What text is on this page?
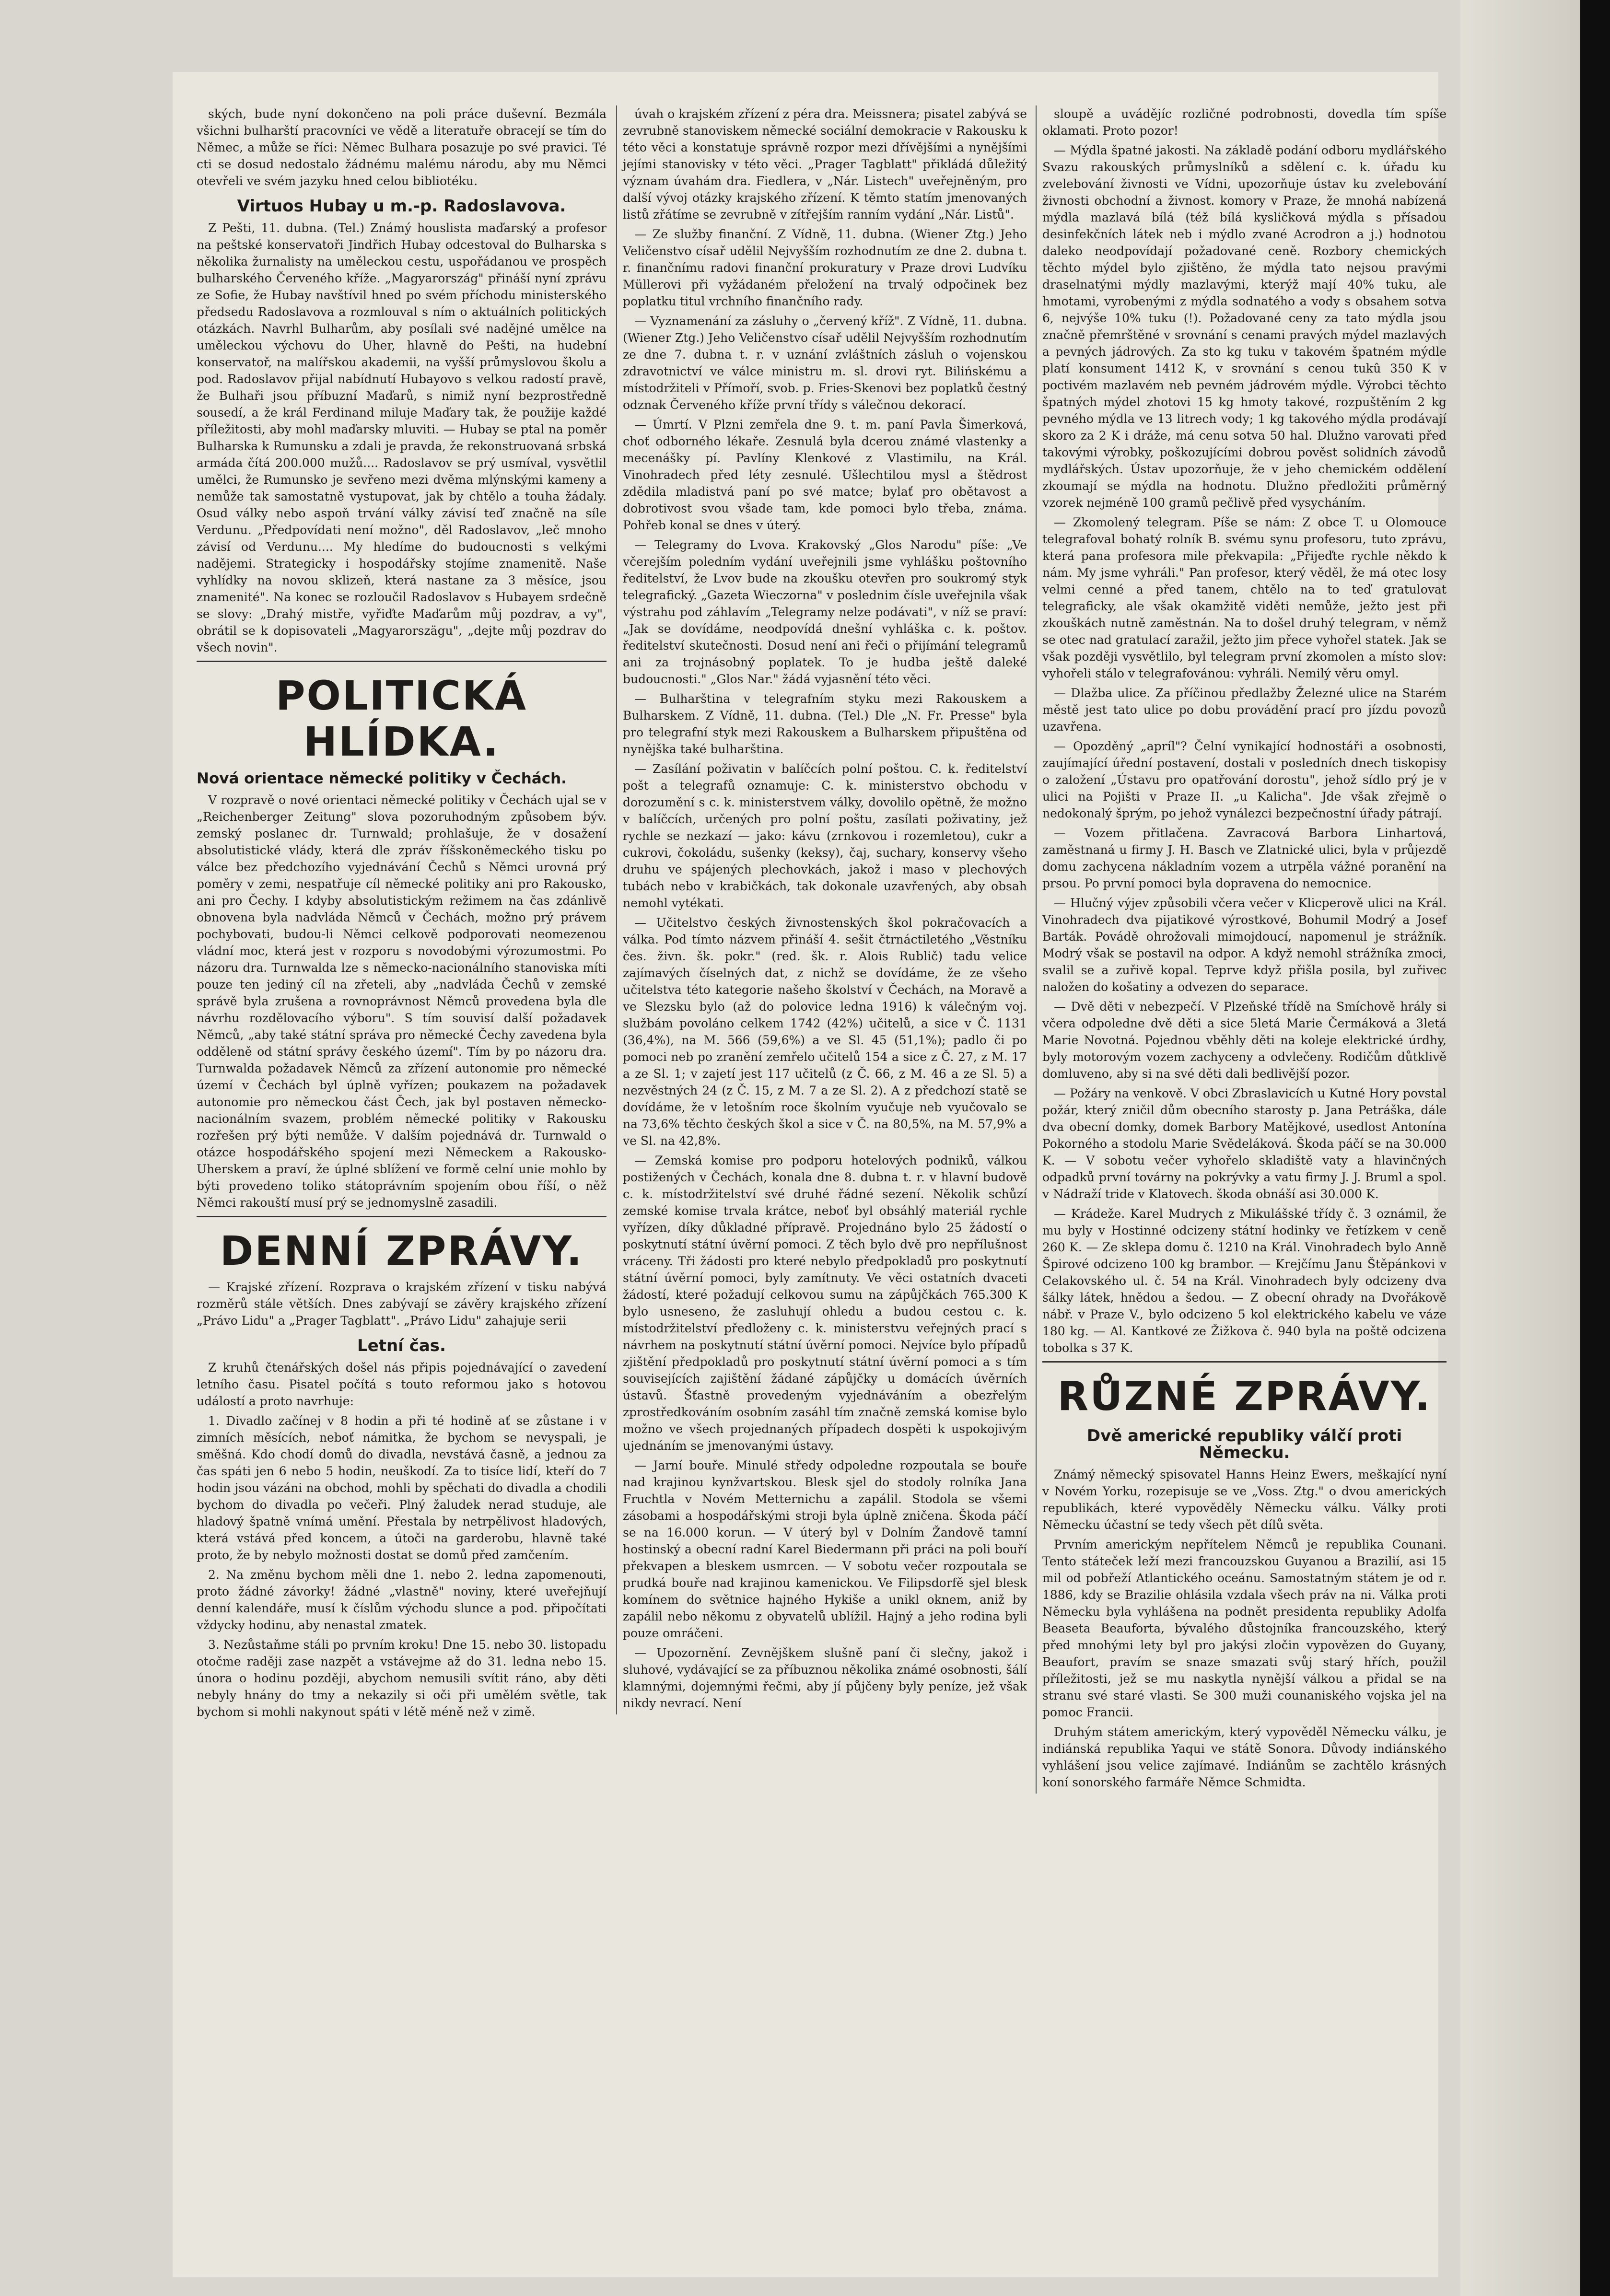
ských, bude nyní dokončeno na poli práce duševní. Bezmála všichni bulharští pracovníci ve vědě a literatuře obracejí se tím do Němec, a může se říci: Němec Bulhara posazuje po své pravici. Té cti se dosud nedostalo žádnému malému národu, aby mu Němci otevřeli ve svém jazyku hned celou bibliotéku.

Virtuos Hubay u m.-p. Radoslavova.

Z Pešti, 11. dubna. (Tel.) Známý houslista maďarský a profesor na peštské konservatoři Jindřich Hubay odcestoval do Bulharska s několika žurnalisty na uměleckou cestu, uspořádanou ve prospěch bulharského Červeného kříže. „Magyarország" přináší nyní zprávu ze Sofie, že Hubay navštívil hned po svém příchodu ministerského předsedu Radoslavova a rozmlouval s ním o aktuálních politických otázkách. Navrhl Bulharům, aby posílali své nadějné umělce na uměleckou výchovu do Uher, hlavně do Pešti, na hudební konservatoř, na malířskou akademii, na vyšší průmyslovou školu a pod. Radoslavov přijal nabídnutí Hubayovo s velkou radostí pravě, že Bulhaři jsou příbuzní Maďarů, s nimiž nyní bezprostředně sousedí, a že král Ferdinand miluje Maďary tak, že použije každé příležitosti, aby mohl maďarsky mluviti. — Hubay se ptal na poměr Bulharska k Rumunsku a zdali je pravda, že rekonstruovaná srbská armáda čítá 200.000 mužů.... Radoslavov se prý usmíval, vysvětlil umělci, že Rumunsko je sevřeno mezi dvěma mlýnskými kameny a nemůže tak samostatně vystupovat, jak by chtělo a touha žádaly. Osud války nebo aspoň trvání války závisí teď značně na síle Verdunu. „Předpovídati není možno", děl Radoslavov, „leč mnoho závisí od Verdunu.... My hledíme do budoucnosti s velkými nadějemi. Strategicky i hospodářsky stojíme znamenitě. Naše vyhlídky na novou sklizeň, která nastane za 3 měsíce, jsou znamenité". Na konec se rozloučil Radoslavov s Hubayem srdečně se slovy: „Drahý mistře, vyřiďte Maďarům můj pozdrav, a vy", obrátil se k dopisovateli „Magyarorszägu", „dejte můj pozdrav do všech novin".

POLITICKÁ HLÍDKA.
Nová orientace německé politiky v Čechách.

V rozpravě o nové orientaci německé politiky v Čechách ujal se v „Reichenberger Zeitung" slova pozoruhodným způsobem býv. zemský poslanec dr. Turnwald; prohlašuje, že v dosažení absolutistické vlády, která dle zpráv říšskoněmeckého tisku po válce bez předchozího vyjednávání Čechů s Němci urovná prý poměry v zemi, nespatřuje cíl německé politiky ani pro Rakousko, ani pro Čechy. I kdyby absolutistickým režimem na čas zdánlivě obnovena byla nadvláda Němců v Čechách, možno prý právem pochybovati, budou-li Němci celkově podporovati neomezenou vládní moc, která jest v rozporu s novodobými výrozumostmi. Po názoru dra. Turnwalda lze s německo-nacionálního stanoviska míti pouze ten jediný cíl na zřeteli, aby „nadvláda Čechů v zemské správě byla zrušena a rovnoprávnost Němců provedena byla dle návrhu rozdělovacího výboru". S tím souvisí další požadavek Němců, „aby také státní správa pro německé Čechy zavedena byla odděleně od státní správy českého území". Tím by po názoru dra. Turnwalda požadavek Němců za zřízení autonomie pro německé území v Čechách byl úplně vyřízen; poukazem na požadavek autonomie pro německou část Čech, jak byl postaven německo-nacionálním svazem, problém německé politiky v Rakousku rozřešen prý býti nemůže. V dalším pojednává dr. Turnwald o otázce hospodářského spojení mezi Německem a Rakousko-Uherskem a praví, že úplné sblížení ve formě celní unie mohlo by býti provedeno toliko státoprávním spojením obou říší, o něž Němci rakouští musí prý se jednomyslně zasadili.

DENNÍ ZPRÁVY.

— Krajské zřízení. Rozprava o krajském zřízení v tisku nabývá rozměrů stále větších. Dnes zabývají se závěry krajského zřízení „Právo Lidu" a „Prager Tagblatt". „Právo Lidu" zahajuje serii

Letní čas.

Z kruhů čtenářských došel nás připis pojednávající o zavedení letního času. Pisatel počítá s touto reformou jako s hotovou událostí a proto navrhuje:

1. Divadlo začínej v 8 hodin a při té hodině ať se zůstane i v zimních měsících, neboť námitka, že bychom se nevyspali, je směšná. Kdo chodí domů do divadla, nevstává časně, a jednou za čas spáti jen 6 nebo 5 hodin, neuškodí. Za to tisíce lidí, kteří do 7 hodin jsou vázáni na obchod, mohli by spěchati do divadla a chodili bychom do divadla po večeři. Plný žaludek nerad studuje, ale hladový špatně vnímá umění. Přestala by netrpělivost hladových, která vstává před koncem, a útoči na garderobu, hlavně také proto, že by nebylo možnosti dostat se domů před zamčením.

2. Na změnu bychom měli dne 1. nebo 2. ledna zapomenouti, proto žádné závorky! žádné „vlastně" noviny, které uveřejňují denní kalendáře, musí k číslům východu slunce a pod. připočítati vždycky hodinu, aby nenastal zmatek.

3. Nezůstaňme stáli po prvním kroku! Dne 15. nebo 30. listopadu otočme raději zase nazpět a vstávejme až do 31. ledna nebo 15. února o hodinu později, abychom nemusili svítit ráno, aby děti nebyly hnány do tmy a nekazily si oči při umělém světle, tak bychom si mohli nakynout spáti v létě méně než v zimě.

úvah o krajském zřízení z péra dra. Meissnera; pisatel zabývá se zevrubně stanoviskem německé sociální demokracie v Rakousku k této věci a konstatuje správně rozpor mezi dřívějšími a nynějšími jejími stanovisky v této věci. „Prager Tagblatt" přikládá důležitý význam úvahám dra. Fiedlera, v „Nár. Listech" uveřejněným, pro další vývoj otázky krajského zřízení. K těmto statím jmenovaných listů zřátíme se zevrubně v zítřejším ranním vydání „Nár. Listů".

— Ze služby finanční. Z Vídně, 11. dubna. (Wiener Ztg.) Jeho Veličenstvo císař udělil Nejvyšším rozhodnutím ze dne 2. dubna t. r. finančnímu radovi finanční prokuratury v Praze drovi Ludvíku Müllerovi při vyžádaném přeložení na trvalý odpočinek bez poplatku titul vrchního finančního rady.

— Vyznamenání za zásluhy o „červený kříž". Z Vídně, 11. dubna. (Wiener Ztg.) Jeho Veličenstvo císař udělil Nejvyšším rozhodnutím ze dne 7. dubna t. r. v uznání zvláštních zásluh o vojenskou zdravotnictví ve válce ministru m. sl. drovi ryt. Bilińskému a místodržiteli v Přímoří, svob. p. Fries-Skenovi bez poplatků čestný odznak Červeného kříže první třídy s válečnou dekorací.

— Úmrtí. V Plzni zemřela dne 9. t. m. paní Pavla Šimerková, choť odborného lékaře. Zesnulá byla dcerou známé vlastenky a mecenášky pí. Pavlíny Klenkové z Vlastimilu, na Král. Vinohradech před léty zesnulé. Ušlechtilou mysl a štědrost zdědila mladistvá paní po své matce; bylať pro obětavost a dobrotivost svou všade tam, kde pomoci bylo třeba, známa. Pohřeb konal se dnes v úterý.

— Telegramy do Lvova. Krakovský „Glos Narodu" píše: „Ve včerejším poledním vydání uveřejnili jsme vyhlášku poštovního ředitelství, že Lvov bude na zkoušku otevřen pro soukromý styk telegrafický. „Gazeta Wieczorna" v poslednim čísle uveřejnila však výstrahu pod záhlavím „Telegramy nelze podávati", v níž se praví: „Jak se dovídáme, neodpovídá dnešní vyhláška c. k. poštov. ředitelství skutečnosti. Dosud není ani řeči o přijímání telegramů ani za trojnásobný poplatek. To je hudba ještě daleké budoucnosti." „Glos Nar." žádá vyjasnění této věci.

— Bulharština v telegrafním styku mezi Rakouskem a Bulharskem. Z Vídně, 11. dubna. (Tel.) Dle „N. Fr. Presse" byla pro telegrafní styk mezi Rakouskem a Bulharskem připuštěna od nynějška také bulharština.

— Zasílání poživatin v balíčcích polní poštou. C. k. ředitelství pošt a telegrafů oznamuje: C. k. ministerstvo obchodu v dorozumění s c. k. ministerstvem války, dovolilo opětně, že možno v balíčcích, určených pro polní poštu, zasílati poživatiny, jež rychle se nezkazí — jako: kávu (zrnkovou i rozemletou), cukr a cukrovi, čokoládu, sušenky (keksy), čaj, suchary, konservy všeho druhu ve spájených plechovkách, jakož i maso v plechových tubách nebo v krabičkách, tak dokonale uzavřených, aby obsah nemohl vytékati.

— Učitelstvo českých živnostenských škol pokračovacích a válka. Pod tímto názvem přináší 4. sešit čtrnáctiletého „Věstníku čes. živn. šk. pokr." (red. šk. r. Alois Rublič) tadu velice zajímavých číselných dat, z nichž se dovídáme, že ze všeho učitelstva této kategorie našeho školství v Čechách, na Moravě a ve Slezsku bylo (až do polovice ledna 1916) k válečným voj. službám povoláno celkem 1742 (42%) učitelů, a sice v Č. 1131 (36,4%), na M. 566 (59,6%) a ve Sl. 45 (51,1%); padlo či po pomoci neb po zranění zemřelo učitelů 154 a sice z Č. 27, z M. 17 a ze Sl. 1; v zajetí jest 117 učitelů (z Č. 66, z M. 46 a ze Sl. 5) a nezvěstných 24 (z Č. 15, z M. 7 a ze Sl. 2). A z předchozí statě se dovídáme, že v letošním roce školním vyučuje neb vyučovalo se na 73,6% těchto českých škol a sice v Č. na 80,5%, na M. 57,9% a ve Sl. na 42,8%.

— Zemská komise pro podporu hotelových podniků, válkou postižených v Čechách, konala dne 8. dubna t. r. v hlavní budově c. k. místodržitelství své druhé řádné sezení. Několik schůzí zemské komise trvala krátce, neboť byl obsáhlý materiál rychle vyřízen, díky důkladné přípravě. Projednáno bylo 25 žádostí o poskytnutí státní úvěrní pomoci. Z těch bylo dvě pro nepřílušnost vráceny. Tři žádosti pro které nebylo předpokladů pro poskytnutí státní úvěrní pomoci, byly zamítnuty. Ve věci ostatních dvaceti žádostí, které požadují celkovou sumu na zápůjčkách 765.300 K bylo usneseno, že zasluhují ohledu a budou cestou c. k. místodržitelství předloženy c. k. ministerstvu veřejných prací s návrhem na poskytnutí státní úvěrní pomoci. Nejvíce bylo případů zjištění předpokladů pro poskytnutí státní úvěrní pomoci a s tím souvisejících zajištění žádané zápůjčky u domácích úvěrních ústavů. Šťastně provedeným vyjednáváním a obezřelým zprostředkováním osobním zasáhl tím značně zemská komise bylo možno ve všech projednaných případech dospěti k uspokojivým ujednáním se jmenovanými ústavy.

— Jarní bouře. Minulé středy odpoledne rozpoutala se bouře nad krajinou kynžvartskou. Blesk sjel do stodoly rolníka Jana Fruchtla v Novém Metternichu a zapálil. Stodola se všemi zásobami a hospodářskými stroji byla úplně zničena. Škoda páčí se na 16.000 korun. — V úterý byl v Dolním Žandově tamní hostinský a obecní radní Karel Biedermann při práci na poli bouří překvapen a bleskem usmrcen. — V sobotu večer rozpoutala se prudká bouře nad krajinou kamenickou. Ve Filipsdorfě sjel blesk komínem do světnice hajného Hykiše a unikl oknem, aniž by zapálil nebo někomu z obyvatelů ublížil. Hajný a jeho rodina byli pouze omráčeni.

— Upozornění. Zevnějškem slušně paní či slečny, jakož i sluhové, vydávající se za příbuznou několika známé osobnosti, šálí klamnými, dojemnými řečmi, aby jí půjčeny byly peníze, jež však nikdy nevrací. Není

sloupě a uvádějíc rozličné podrobnosti, dovedla tím spíše oklamati. Proto pozor!

— Mýdla špatné jakosti. Na základě podání odboru mydlářského Svazu rakouských průmyslníků a sdělení c. k. úřadu ku zvelebování živnosti ve Vídni, upozorňuje ústav ku zvelebování živnosti obchodní a živnost. komory v Praze, že mnohá nabízená mýdla mazlavá bílá (též bílá kysličková mýdla s přísadou desinfekčních látek neb i mýdlo zvané Acrodron a j.) hodnotou daleko neodpovídají požadované ceně. Rozbory chemických těchto mýdel bylo zjištěno, že mýdla tato nejsou pravými draselnatými mýdly mazlavými, kterýž mají 40% tuku, ale hmotami, vyrobenými z mýdla sodnatého a vody s obsahem sotva 6, nejvýše 10% tuku (!). Požadované ceny za tato mýdla jsou značně přemrštěné v srovnání s cenami pravých mýdel mazlavých a pevných jádrových. Za sto kg tuku v takovém špatném mýdle platí konsument 1412 K, v srovnání s cenou tukû 350 K v poctivém mazlavém neb pevném jádrovém mýdle. Výrobci těchto špatných mýdel zhotovi 15 kg hmoty takové, rozpuštěním 2 kg pevného mýdla ve 13 litrech vody; 1 kg takového mýdla prodávají skoro za 2 K i dráže, má cenu sotva 50 hal. Dlužno varovati před takovými výrobky, poškozujícími dobrou pověst solidních závodů mydlářských. Ústav upozorňuje, že v jeho chemickém oddělení zkoumají se mýdla na hodnotu. Dlužno předložiti průměrný vzorek nejméně 100 gramů pečlivě před vysycháním.

— Zkomolený telegram. Píše se nám: Z obce T. u Olomouce telegrafoval bohatý rolník B. svému synu profesoru, tuto zprávu, která pana profesora mile překvapila: „Přijeďte rychle někdo k nám. My jsme vyhráli." Pan profesor, který věděl, že má otec losy velmi cenné a před tanem, chtělo na to teď gratulovat telegraficky, ale však okamžitě viděti nemůže, ježto jest při zkouškách nutně zaměstnán. Na to došel druhý telegram, v němž se otec nad gratulací zaražil, ježto jim přece vyhořel statek. Jak se však později vysvětlilo, byl telegram první zkomolen a místo slov: vyhořeli stálo v telegrafovánou: vyhráli. Nemilý věru omyl.

— Dlažba ulice. Za příčinou předlažby Železné ulice na Starém městě jest tato ulice po dobu provádění prací pro jízdu povozů uzavřena.

— Opozděný „apríl"? Čelní vynikající hodnostáři a osobnosti, zaujímající úřední postavení, dostali v posledních dnech tiskopisy o založení „Ústavu pro opatřování dorostu", jehož sídlo prý je v ulici na Pojišti v Praze II. „u Kalicha". Jde však zřejmě o nedokonalý šprým, po jehož vynálezci bezpečnostní úřady pátrají.

— Vozem přitlačena. Zavracová Barbora Linhartová, zaměstnaná u firmy J. H. Basch ve Zlatnické ulici, byla v průjezdě domu zachycena nákladním vozem a utrpěla vážné poranění na prsou. Po první pomoci byla dopravena do nemocnice.

— Hlučný výjev způsobili včera večer v Klicperově ulici na Král. Vinohradech dva pijatikové výrostkové, Bohumil Modrý a Josef Barták. Povádě ohrožovali mimojdoucí, napomenul je strážník. Modrý však se postavil na odpor. A když nemohl strážníka zmoci, svalil se a zuřivě kopal. Teprve když přišla posila, byl zuřivec naložen do košatiny a odvezen do separace.

— Dvě děti v nebezpečí. V Plzeňské třídě na Smíchově hrály si včera odpoledne dvě děti a sice 5letá Marie Čermáková a 3letá Marie Novotná. Pojednou vběhly děti na koleje elektrické úrdhy, byly motorovým vozem zachyceny a odvlečeny. Rodičům důtklivě domluveno, aby si na své děti dali bedlivější pozor.

— Požáry na venkově. V obci Zbraslavicích u Kutné Hory povstal požár, který zničil dům obecního starosty p. Jana Petráška, dále dva obecní domky, domek Barbory Matějkové, usedlost Antonína Pokorného a stodolu Marie Svědeláková. Škoda páčí se na 30.000 K. — V sobotu večer vyhořelo skladiště vaty a hlavinčných odpadků první továrny na pokrývky a vatu firmy J. J. Bruml a spol. v Nádraží tride v Klatovech. škoda obnáší asi 30.000 K.

— Krádeže. Karel Mudrych z Mikulášské třídy č. 3 oznámil, že mu byly v Hostinné odcizeny státní hodinky ve řetízkem v ceně 260 K. — Ze sklepa domu č. 1210 na Král. Vinohradech bylo Anně Špirové odcizeno 100 kg brambor. — Krejčímu Janu Štěpánkovi v Celakovského ul. č. 54 na Král. Vinohradech byly odcizeny dva šálky látek, hnědou a šedou. — Z obecní ohrady na Dvořákově nábř. v Praze V., bylo odcizeno 5 kol elektrického kabelu ve váze 180 kg. — Al. Kantkové ze Žižkova č. 940 byla na poště odcizena tobolka s 37 K.

RŮZNÉ ZPRÁVY.
Dvě americké republiky válčí proti Německu.

Známý německý spisovatel Hanns Heinz Ewers, meškající nyní v Novém Yorku, rozepisuje se ve „Voss. Ztg." o dvou amerických republikách, které vypověděly Německu válku. Války proti Německu účastní se tedy všech pět dílů světa.

Prvním americkým nepřítelem Němců je republika Counani. Tento státeček leží mezi francouzskou Guyanou a Brazilií, asi 15 mil od pobřeží Atlantického oceánu. Samostatným státem je od r. 1886, kdy se Brazilie ohlásila vzdala všech práv na ni. Válka proti Německu byla vyhlášena na podnět presidenta republiky Adolfa Beaseta Beauforta, bývalého důstojníka francouzského, který před mnohými lety byl pro jakýsi zločin vypovězen do Guyany, Beaufort, pravím se snaze smazati svůj starý hřích, použil příležitosti, jež se mu naskytla nynější válkou a přidal se na stranu své staré vlasti. Se 300 muži counaniského vojska jel na pomoc Francii.

Druhým státem americkým, který vypověděl Německu válku, je indiánská republika Yaqui ve státě Sonora. Důvody indiánského vyhlášení jsou velice zajímavé. Indiánům se zachtělo krásných koní sonorského farmáře Němce Schmidta.
